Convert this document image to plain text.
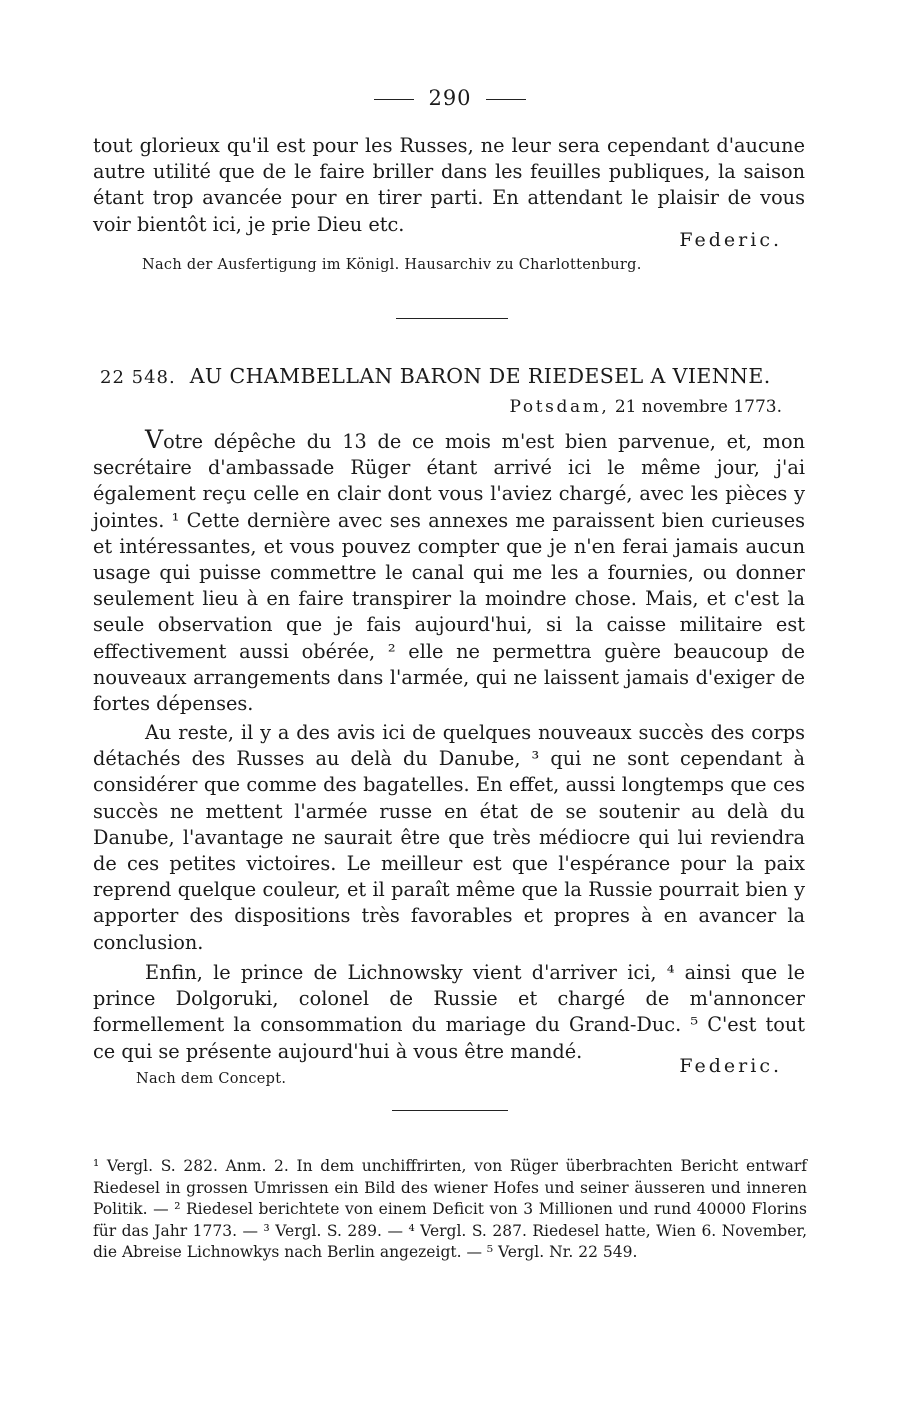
290
tout glorieux qu'il est pour les Russes, ne leur sera cependant d'aucune autre utilité que de le faire briller dans les feuilles publiques, la saison étant trop avancée pour en tirer parti. En attendant le plaisir de vous voir bientôt ici, je prie Dieu etc.
Federic.
Nach der Ausfertigung im Königl. Hausarchiv zu Charlottenburg.
22 548. AU CHAMBELLAN BARON DE RIEDESEL A VIENNE.
Potsdam, 21 novembre 1773.
Votre dépêche du 13 de ce mois m'est bien parvenue, et, mon secrétaire d'ambassade Rüger étant arrivé ici le même jour, j'ai également reçu celle en clair dont vous l'aviez chargé, avec les pièces y jointes. ¹ Cette dernière avec ses annexes me paraissent bien curieuses et intéressantes, et vous pouvez compter que je n'en ferai jamais aucun usage qui puisse commettre le canal qui me les a fournies, ou donner seulement lieu à en faire transpirer la moindre chose. Mais, et c'est la seule observation que je fais aujourd'hui, si la caisse militaire est effectivement aussi obérée, ² elle ne permettra guère beaucoup de nouveaux arrangements dans l'armée, qui ne laissent jamais d'exiger de fortes dépenses.
Au reste, il y a des avis ici de quelques nouveaux succès des corps détachés des Russes au delà du Danube, ³ qui ne sont cependant à considérer que comme des bagatelles. En effet, aussi longtemps que ces succès ne mettent l'armée russe en état de se soutenir au delà du Danube, l'avantage ne saurait être que très médiocre qui lui reviendra de ces petites victoires. Le meilleur est que l'espérance pour la paix reprend quelque couleur, et il paraît même que la Russie pourrait bien y apporter des dispositions très favorables et propres à en avancer la conclusion.
Enfin, le prince de Lichnowsky vient d'arriver ici, ⁴ ainsi que le prince Dolgoruki, colonel de Russie et chargé de m'annoncer formellement la consommation du mariage du Grand-Duc. ⁵ C'est tout ce qui se présente aujourd'hui à vous être mandé.
Federic.
Nach dem Concept.

¹ Vergl. S. 282. Anm. 2. In dem unchiffrirten, von Rüger überbrachten Bericht entwarf Riedesel in grossen Umrissen ein Bild des wiener Hofes und seiner äusseren und inneren Politik. — ² Riedesel berichtete von einem Deficit von 3 Millionen und rund 40000 Florins für das Jahr 1773. — ³ Vergl. S. 289. — ⁴ Vergl. S. 287. Riedesel hatte, Wien 6. November, die Abreise Lichnowkys nach Berlin angezeigt. — ⁵ Vergl. Nr. 22 549.
